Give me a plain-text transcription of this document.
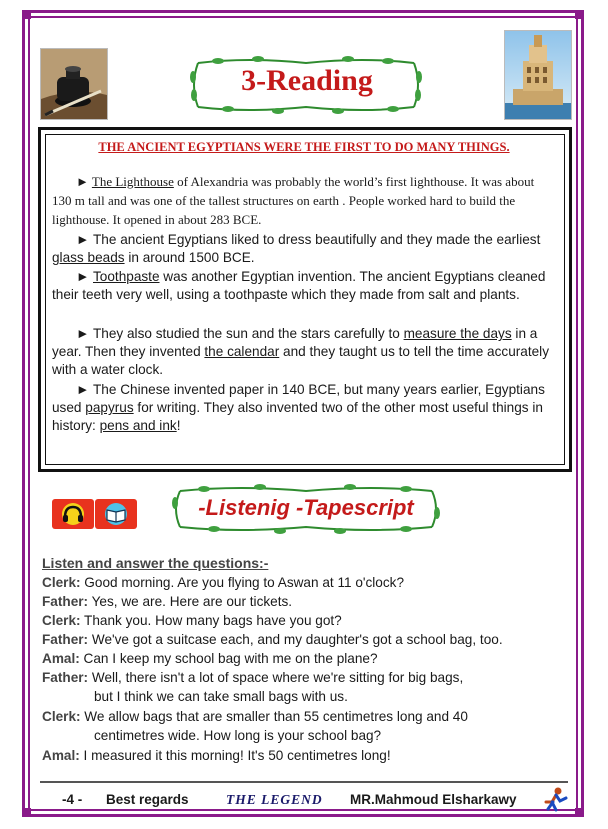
3-Reading
THE ANCIENT EGYPTIANS WERE THE FIRST TO DO MANY THINGS.

► The Lighthouse of Alexandria was probably the world’s first lighthouse. It was about 130 m tall and was one of the tallest structures on earth . People worked hard to build the lighthouse. It opened in about 283 BCE.

► The ancient Egyptians liked to dress beautifully and they made the earliest glass beads in around 1500 BCE.

► Toothpaste was another Egyptian invention. The ancient Egyptians cleaned
their teeth very well, using a toothpaste which they made from salt and plants.

► They also studied the sun and the stars carefully to measure the days in a year. Then they invented the calendar and they taught us to tell the time accurately with a water clock.

► The Chinese invented paper in 140 BCE, but many years earlier, Egyptians used papyrus for writing. They also invented two of the other most useful things in history: pens and ink!

-Listenig -Tapescript
Listen and answer the questions:-
Clerk: Good morning. Are you flying to Aswan at 11 o'clock?
Father: Yes, we are. Here are our tickets.
Clerk: Thank you. How many bags have you got?
Father: We've got a suitcase each, and my daughter's got a school bag, too.
Amal: Can I keep my school bag with me on the plane?
Father: Well, there isn't a lot of space where we're sitting for big bags,
but I think we can take small bags with us.
Clerk: We allow bags that are smaller than 55 centimetres long and 40
centimetres wide. How long is your school bag?
Amal: I measured it this morning! It's 50 centimetres long!
-4 - Best regards	THE LEGEND MR.Mahmoud Elsharkawy
